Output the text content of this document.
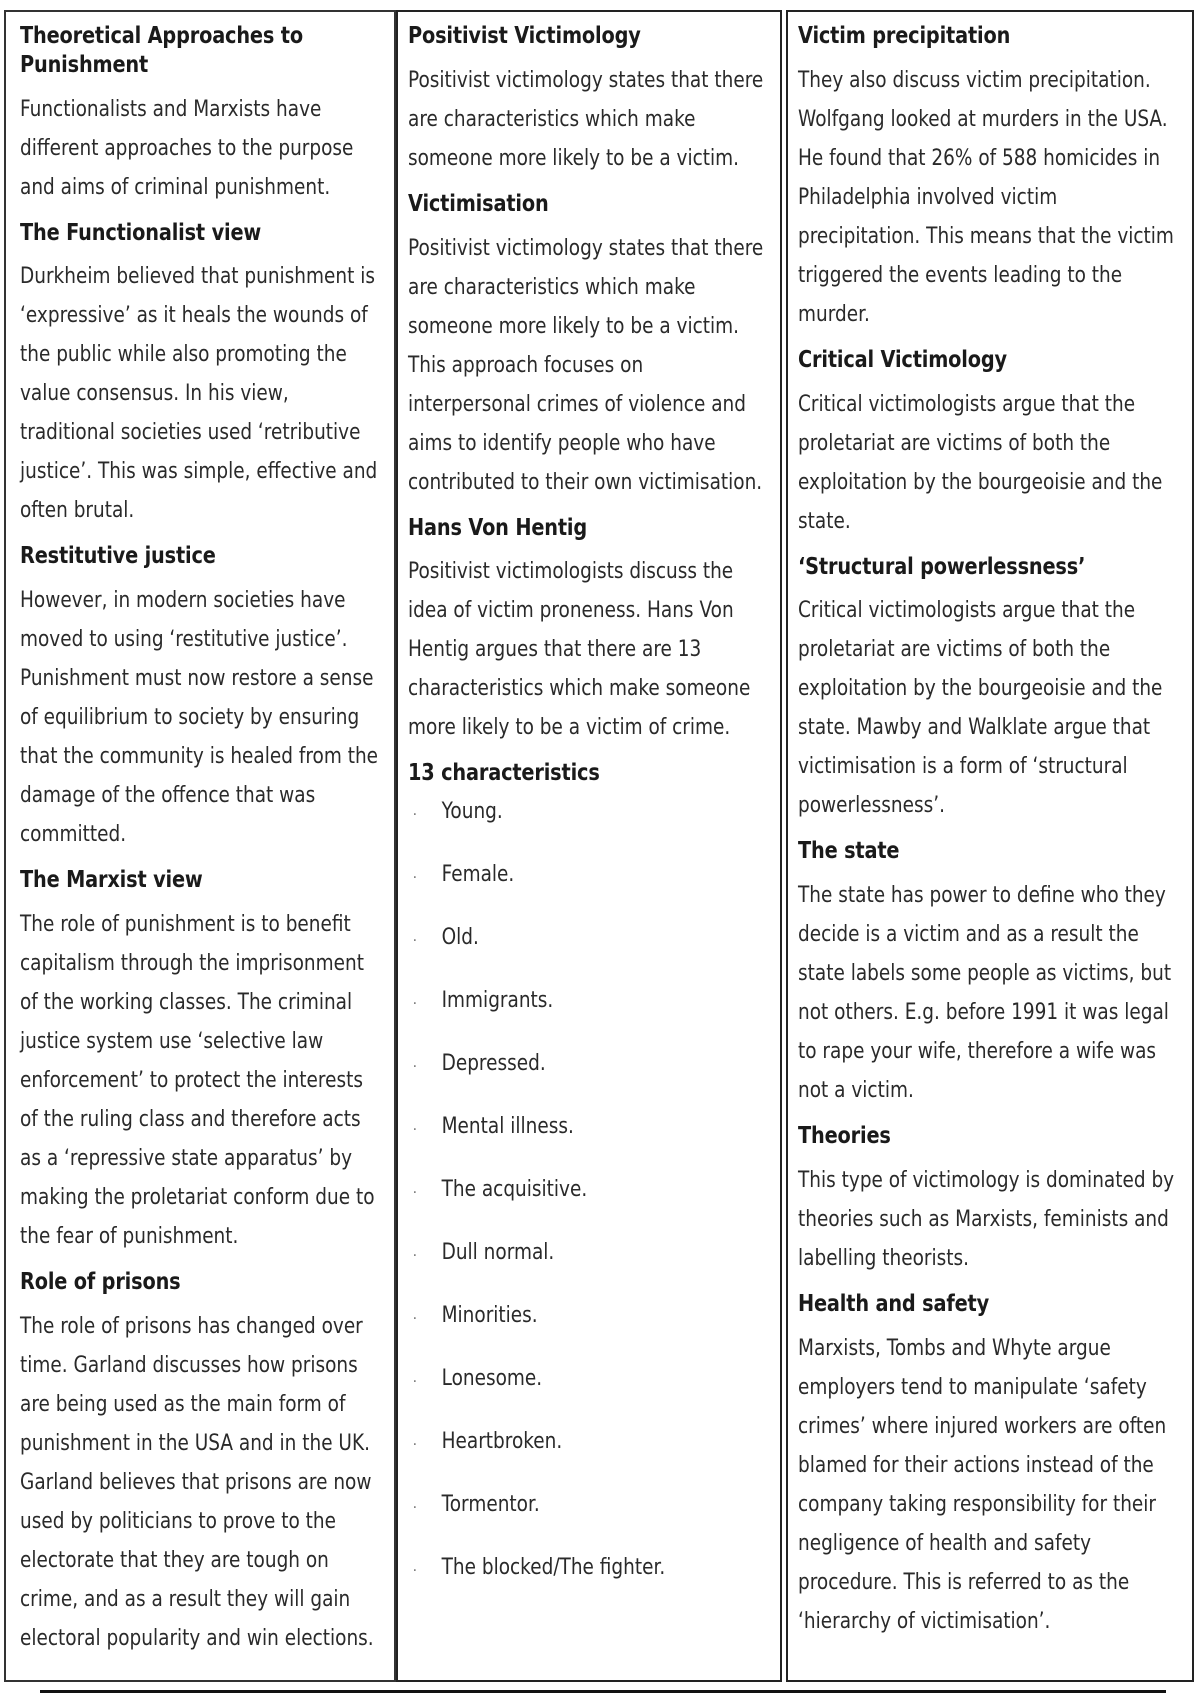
Theoretical Approaches to Punishment

Functionalists and Marxists have different approaches to the purpose and aims of criminal punishment.

The Functionalist view

Durkheim believed that punishment is ‘expressive’ as it heals the wounds of the public while also promoting the value consensus. In his view, traditional societies used ‘retributive justice’. This was simple, effective and often brutal.

Restitutive justice

However, in modern societies have moved to using ‘restitutive justice’. Punishment must now restore a sense of equilibrium to society by ensuring that the community is healed from the damage of the offence that was committed.

The Marxist view

The role of punishment is to benefit capitalism through the imprisonment of the working classes. The criminal justice system use ‘selective law enforcement’ to protect the interests of the ruling class and therefore acts as a ‘repressive state apparatus’ by making the proletariat conform due to the fear of punishment.

Role of prisons

The role of prisons has changed over time. Garland discusses how prisons are being used as the main form of punishment in the USA and in the UK. Garland believes that prisons are now used by politicians to prove to the electorate that they are tough on crime, and as a result they will gain electoral popularity and win elections.

Positivist Victimology

Positivist victimology states that there are characteristics which make someone more likely to be a victim.

Victimisation

Positivist victimology states that there are characteristics which make someone more likely to be a victim. This approach focuses on interpersonal crimes of violence and aims to identify people who have contributed to their own victimisation.

Hans Von Hentig

Positivist victimologists discuss the idea of victim proneness. Hans Von Hentig argues that there are 13 characteristics which make someone more likely to be a victim of crime.

13 characteristics
· Young.
· Female.
· Old.
· Immigrants.
· Depressed.
· Mental illness.
· The acquisitive.
· Dull normal.
· Minorities.
· Lonesome.
· Heartbroken.
· Tormentor.
· The blocked/The fighter.
Victim precipitation

They also discuss victim precipitation. Wolfgang looked at murders in the USA. He found that 26% of 588 homicides in Philadelphia involved victim precipitation. This means that the victim triggered the events leading to the murder.

Critical Victimology

Critical victimologists argue that the proletariat are victims of both the exploitation by the bourgeoisie and the state.

‘Structural powerlessness’

Critical victimologists argue that the proletariat are victims of both the exploitation by the bourgeoisie and the state. Mawby and Walklate argue that victimisation is a form of ‘structural powerlessness’.

The state

The state has power to define who they decide is a victim and as a result the state labels some people as victims, but not others. E.g. before 1991 it was legal to rape your wife, therefore a wife was not a victim.

Theories

This type of victimology is dominated by theories such as Marxists, feminists and labelling theorists.

Health and safety

Marxists, Tombs and Whyte argue employers tend to manipulate ‘safety crimes’ where injured workers are often blamed for their actions instead of the company taking responsibility for their negligence of health and safety procedure. This is referred to as the ‘hierarchy of victimisation’.
